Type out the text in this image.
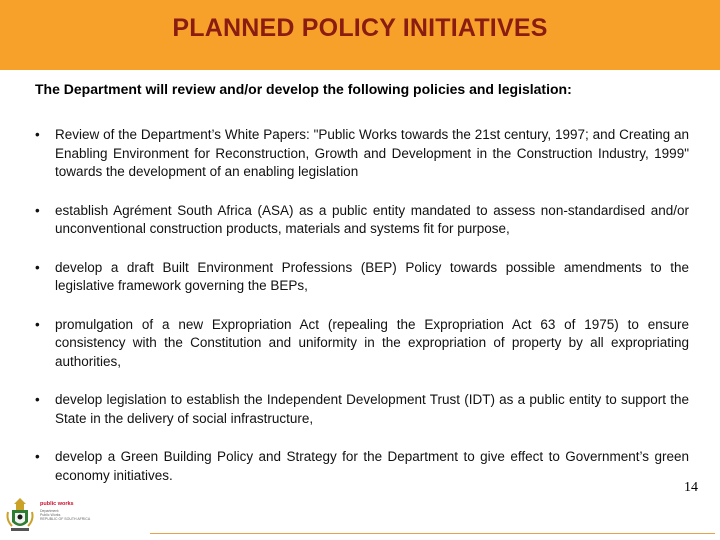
PLANNED POLICY INITIATIVES
The Department will review and/or develop the following policies and legislation:
• Review of the Department’s White Papers: "Public Works towards the 21st century, 1997; and Creating an Enabling Environment for Reconstruction, Growth and Development in the Construction Industry, 1999" towards the development of an enabling legislation
• establish Agrément South Africa (ASA) as a public entity mandated to assess non-standardised and/or unconventional construction products, materials and systems fit for purpose,
• develop a draft Built Environment Professions (BEP) Policy towards possible amendments to the legislative framework governing the BEPs,
• promulgation of a new Expropriation Act (repealing the Expropriation Act 63 of 1975) to ensure consistency with the Constitution and uniformity in the expropriation of property by all expropriating authorities,
• develop legislation to establish the Independent Development Trust (IDT) as a public entity to support the State in the delivery of social infrastructure,
• develop a Green Building Policy and Strategy for the Department to give effect to Government’s green economy initiatives.
public works
Department:
Public Works
REPUBLIC OF SOUTH AFRICA
14
